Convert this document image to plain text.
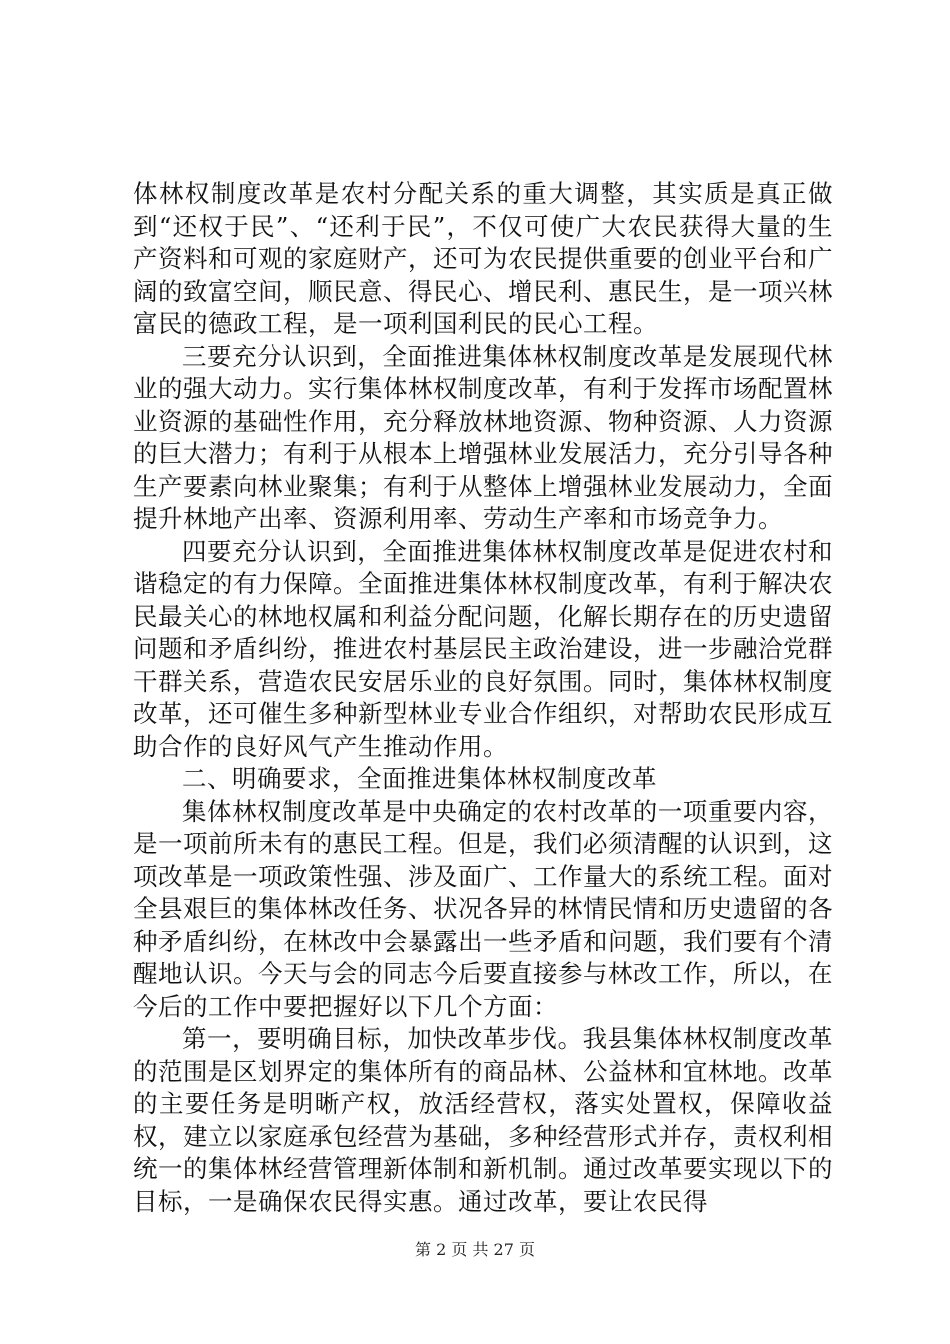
体林权制度改革是农村分配关系的重大调整，其实质是真正做到“还权于民”、“还利于民”，不仅可使广大农民获得大量的生产资料和可观的家庭财产，还可为农民提供重要的创业平台和广阔的致富空间，顺民意、得民心、增民利、惠民生，是一项兴林富民的德政工程，是一项利国利民的民心工程。

三要充分认识到，全面推进集体林权制度改革是发展现代林业的强大动力。实行集体林权制度改革，有利于发挥市场配置林业资源的基础性作用，充分释放林地资源、物种资源、人力资源的巨大潜力；有利于从根本上增强林业发展活力，充分引导各种生产要素向林业聚集；有利于从整体上增强林业发展动力，全面提升林地产出率、资源利用率、劳动生产率和市场竞争力。

四要充分认识到，全面推进集体林权制度改革是促进农村和谐稳定的有力保障。全面推进集体林权制度改革，有利于解决农民最关心的林地权属和利益分配问题，化解长期存在的历史遗留问题和矛盾纠纷，推进农村基层民主政治建设，进一步融洽党群干群关系，营造农民安居乐业的良好氛围。同时，集体林权制度改革，还可催生多种新型林业专业合作组织，对帮助农民形成互助合作的良好风气产生推动作用。

二、明确要求，全面推进集体林权制度改革

集体林权制度改革是中央确定的农村改革的一项重要内容，是一项前所未有的惠民工程。但是，我们必须清醒的认识到，这项改革是一项政策性强、涉及面广、工作量大的系统工程。面对全县艰巨的集体林改任务、状况各异的林情民情和历史遗留的各种矛盾纠纷，在林改中会暴露出一些矛盾和问题，我们要有个清醒地认识。今天与会的同志今后要直接参与林改工作，所以，在今后的工作中要把握好以下几个方面：

第一，要明确目标，加快改革步伐。我县集体林权制度改革的范围是区划界定的集体所有的商品林、公益林和宜林地。改革的主要任务是明晰产权，放活经营权，落实处置权，保障收益权，建立以家庭承包经营为基础，多种经营形式并存，责权利相统一的集体林经营管理新体制和新机制。通过改革要实现以下的目标，一是确保农民得实惠。通过改革，要让农民得

第 2 页 共 27 页
